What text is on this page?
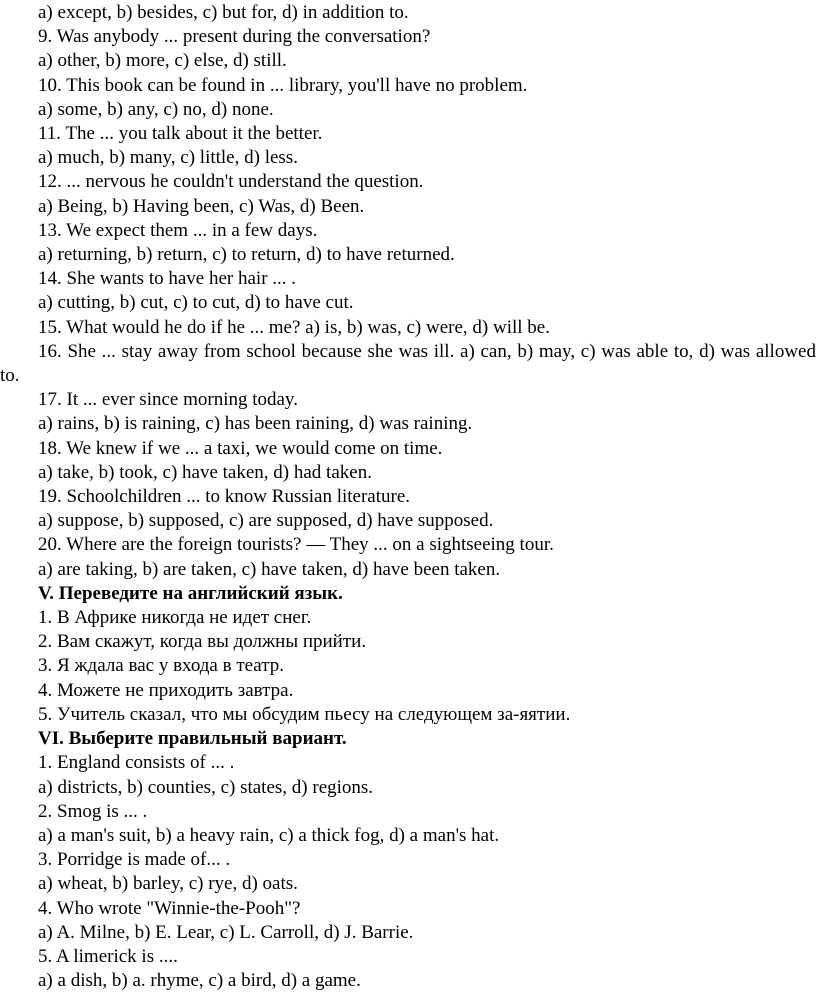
a) except, b) besides, c) but for, d) in addition to.
9. Was anybody ... present during the conversation?
a) other, b) more, c) else, d) still.
10. This book can be found in ... library, you'll have no problem.
a) some, b) any, c) no, d) none.
11. The ... you talk about it the better.
a) much, b) many, c) little, d) less.
12. ... nervous he couldn't understand the question.
a) Being, b) Having been, c) Was, d) Been.
13. We expect them ... in a few days.
a) returning, b) return, c) to return, d) to have returned.
14. She wants to have her hair ... .
a) cutting, b) cut, c) to cut, d) to have cut.
15. What would he do if he ... me? a) is, b) was, c) were, d) will be.
16. She ... stay away from school because she was ill. a) can, b) may, c) was able to, d) was allowed to.
17. It ... ever since morning today.
a) rains, b) is raining, c) has been raining, d) was raining.
18. We knew if we ... a taxi, we would come on time.
a) take, b) took, c) have taken, d) had taken.
19. Schoolchildren ... to know Russian literature.
a) suppose, b) supposed, c) are supposed, d) have supposed.
20. Where are the foreign tourists? — They ... on a sightseeing tour.
a) are taking, b) are taken, c) have taken, d) have been taken.
V. Переведите на английский язык.
1. В Африке никогда не идет снег.
2. Вам скажут, когда вы должны прийти.
3. Я ждала вас у входа в театр.
4. Можете не приходить завтра.
5. Учитель сказал, что мы обсудим пьесу на следующем за-яятии.
VI. Выберите правильный вариант.
1. England consists of ... .
a) districts, b) counties, c) states, d) regions.
2. Smog is ... .
a) a man's suit, b) a heavy rain, c) a thick fog, d) a man's hat.
3. Porridge is made of... .
a) wheat, b) barley, c) rye, d) oats.
4. Who wrote "Winnie-the-Pooh"?
a) A. Milne, b) E. Lear, c) L. Carroll, d) J. Barrie.
5. A limerick is ....
a) a dish, b) a. rhyme, c) a bird, d) a game.
